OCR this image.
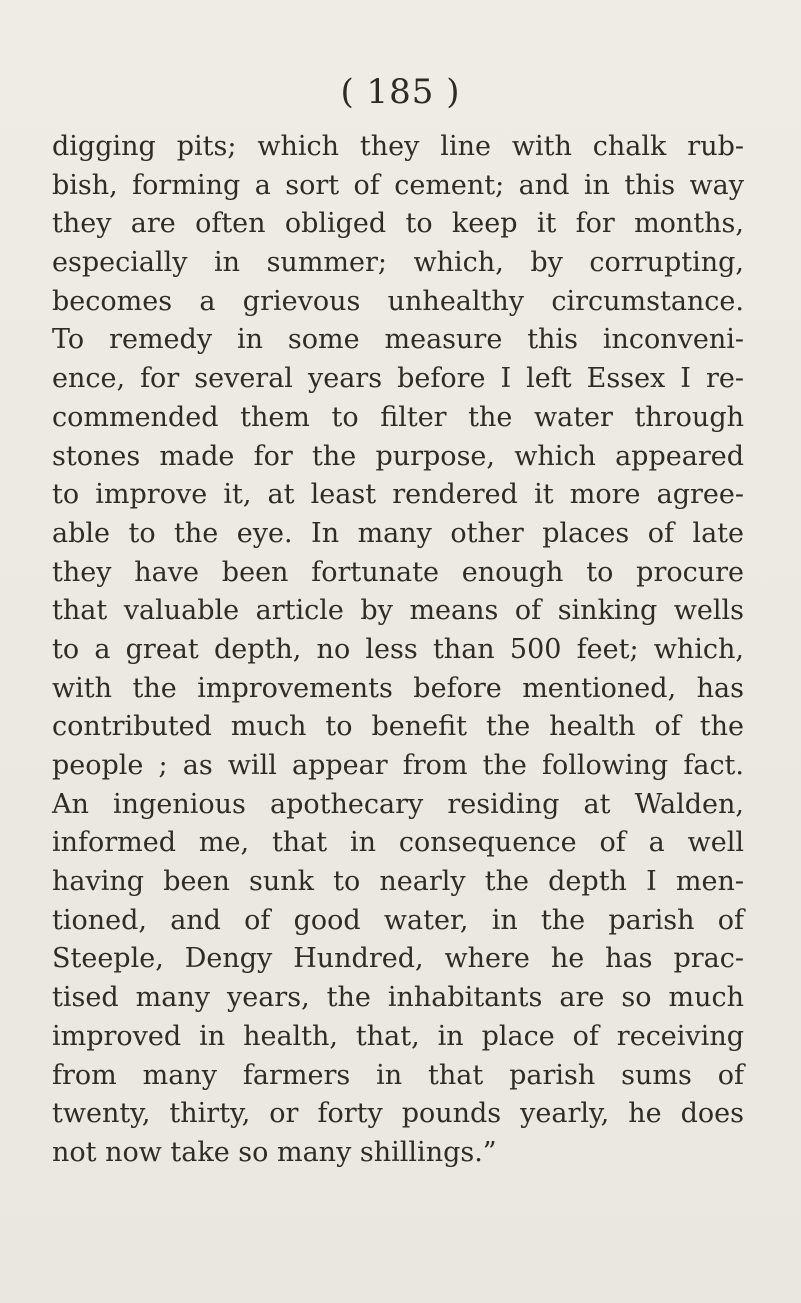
( 185 )
digging pits; which they line with chalk rub-
bish, forming a sort of cement; and in this way
they are often obliged to keep it for months,
especially in summer; which, by corrupting,
becomes a grievous unhealthy circumstance.
To remedy in some measure this inconveni-
ence, for several years before I left Essex I re-
commended them to filter the water through
stones made for the purpose, which appeared
to improve it, at least rendered it more agree-
able to the eye. In many other places of late
they have been fortunate enough to procure
that valuable article by means of sinking wells
to a great depth, no less than 500 feet; which,
with the improvements before mentioned, has
contributed much to benefit the health of the
people ; as will appear from the following fact.
An ingenious apothecary residing at Walden,
informed me, that in consequence of a well
having been sunk to nearly the depth I men-
tioned, and of good water, in the parish of
Steeple, Dengy Hundred, where he has prac-
tised many years, the inhabitants are so much
improved in health, that, in place of receiving
from many farmers in that parish sums of
twenty, thirty, or forty pounds yearly, he does
not now take so many shillings.”
